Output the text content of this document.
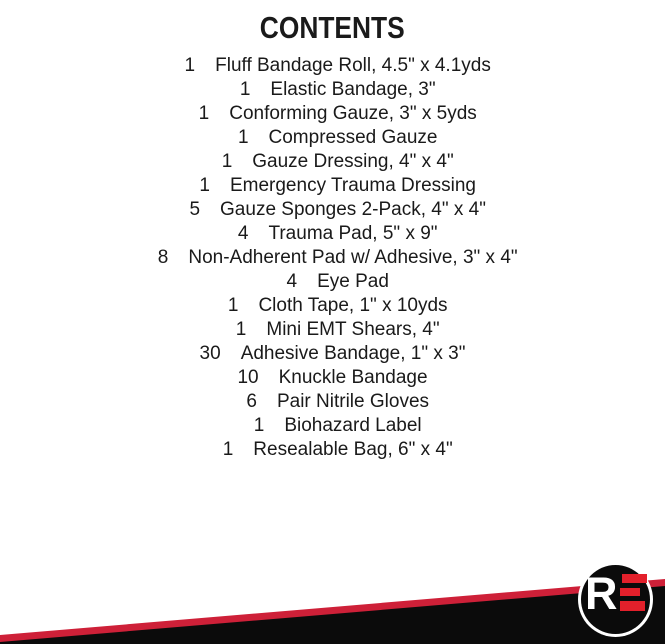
CONTENTS
1 Fluff Bandage Roll, 4.5" x 4.1yds
1 Elastic Bandage, 3"
1 Conforming Gauze, 3" x 5yds
1 Compressed Gauze
1 Gauze Dressing, 4" x 4"
1 Emergency Trauma Dressing
5 Gauze Sponges 2-Pack, 4" x 4"
4 Trauma Pad, 5" x 9"
8 Non-Adherent Pad w/ Adhesive, 3" x 4"
4 Eye Pad
1 Cloth Tape, 1" x 10yds
1 Mini EMT Shears, 4"
30 Adhesive Bandage, 1" x 3"
10 Knuckle Bandage
6 Pair Nitrile Gloves
1 Biohazard Label
1 Resealable Bag, 6" x 4"
R
